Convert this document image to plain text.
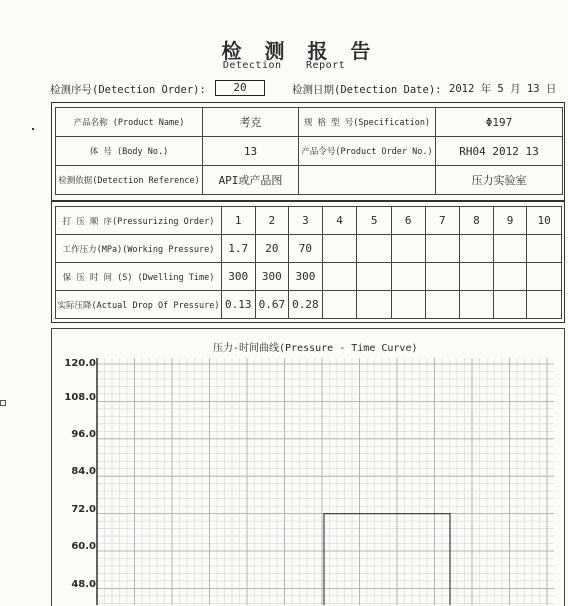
检 测 报 告
Detection Report
检测序号(Detection Order):	20	检测日期(Detection Date): 2012 年 5 月 13 日
产品名称 (Product Name)	考克	规 格 型 号(Specification)	Φ197
体 号 (Body No.)	13	产品令号(Product Order No.)	RH04 2012 13
检测依据(Detection Reference)	API或产品图		压力实验室
打 压 顺 序(Pressurizing Order)	1	2	3	4	5	6	7	8	9	10
工作压力(MPa)(Working Pressure)	1.7	20	70							
保 压 时 间 (S) (Dwelling Time)	300	300	300							
实际压降(Actual Drop Of Pressure)	0.13	0.67	0.28							
压力-时间曲线(Pressure - Time Curve)
120.0
108.0
96.0
84.0
72.0
60.0
48.0
